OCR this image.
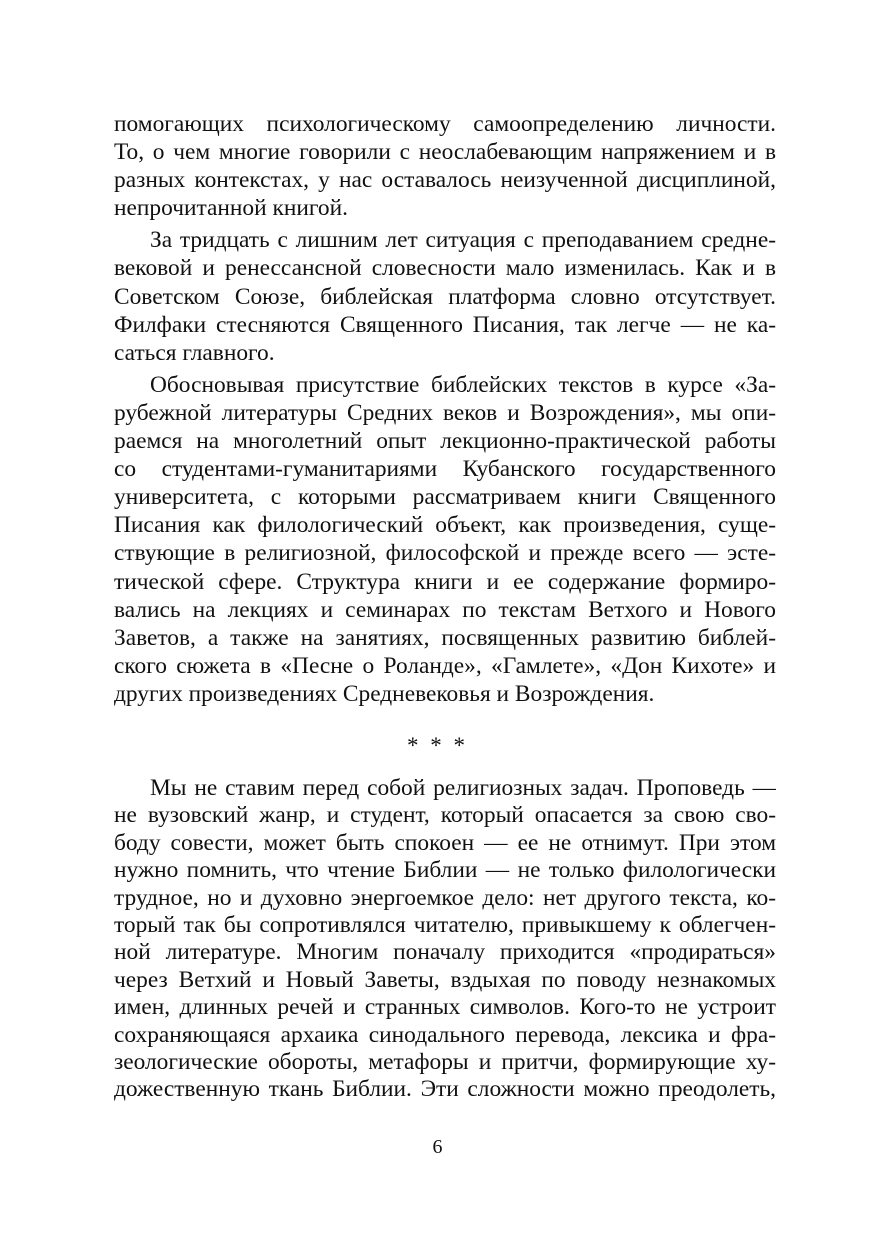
помогающих психологическому самоопределению личности.
То, о чем многие говорили с неослабевающим напряжением и в
разных контекстах, у нас оставалось неизученной дисциплиной,
непрочитанной книгой.
За тридцать с лишним лет ситуация с преподаванием средне-
вековой и ренессансной словесности мало изменилась. Как и в
Советском Союзе, библейская платформа словно отсутствует.
Филфаки стесняются Священного Писания, так легче — не ка-
саться главного.
Обосновывая присутствие библейских текстов в курсе «За-
рубежной литературы Средних веков и Возрождения», мы опи-
раемся на многолетний опыт лекционно-практической работы
со студентами-гуманитариями Кубанского государственного
университета, с которыми рассматриваем книги Священного
Писания как филологический объект, как произведения, суще-
ствующие в религиозной, философской и прежде всего — эсте-
тической сфере. Структура книги и ее содержание формиро-
вались на лекциях и семинарах по текстам Ветхого и Нового
Заветов, а также на занятиях, посвященных развитию библей-
ского сюжета в «Песне о Роланде», «Гамлете», «Дон Кихоте» и
других произведениях Средневековья и Возрождения.
* * *
Мы не ставим перед собой религиозных задач. Проповедь —
не вузовский жанр, и студент, который опасается за свою сво-
боду совести, может быть спокоен — ее не отнимут. При этом
нужно помнить, что чтение Библии — не только филологически
трудное, но и духовно энергоемкое дело: нет другого текста, ко-
торый так бы сопротивлялся читателю, привыкшему к облегчен-
ной литературе. Многим поначалу приходится «продираться»
через Ветхий и Новый Заветы, вздыхая по поводу незнакомых
имен, длинных речей и странных символов. Кого-то не устроит
сохраняющаяся архаика синодального перевода, лексика и фра-
зеологические обороты, метафоры и притчи, формирующие ху-
дожественную ткань Библии. Эти сложности можно преодолеть,
6
